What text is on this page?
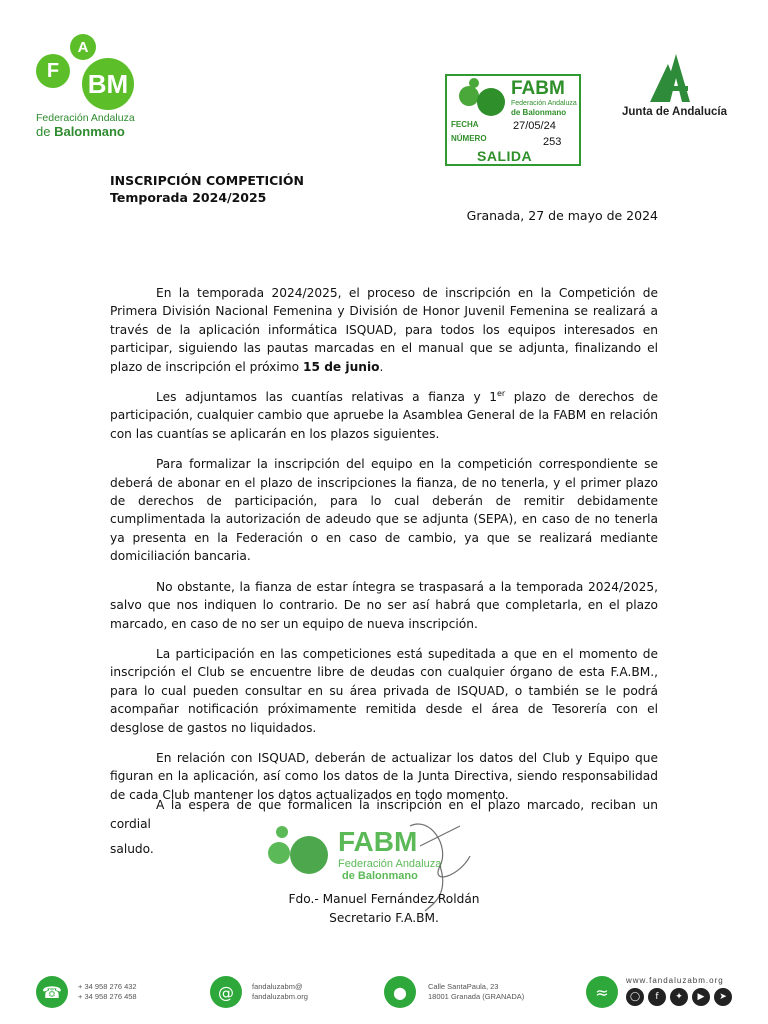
F
A
BM
Federación Andaluza
de Balonmano
FABM
Federación Andaluza
de Balonmano
FECHA
NÚMERO
27/05/24
253
SALIDA
Junta de Andalucía
INSCRIPCIÓN COMPETICIÓN
Temporada 2024/2025
Granada, 27 de mayo de 2024

En la temporada 2024/2025, el proceso de inscripción en la Competición de Primera División Nacional Femenina y División de Honor Juvenil Femenina se realizará a través de la aplicación informática ISQUAD, para todos los equipos interesados en participar, siguiendo las pautas marcadas en el manual que se adjunta, finalizando el plazo de inscripción el próximo 15 de junio.

Les adjuntamos las cuantías relativas a fianza y 1er plazo de derechos de participación, cualquier cambio que apruebe la Asamblea General de la FABM en relación con las cuantías se aplicarán en los plazos siguientes.

Para formalizar la inscripción del equipo en la competición correspondiente se deberá de abonar en el plazo de inscripciones la fianza, de no tenerla, y el primer plazo de derechos de participación, para lo cual deberán de remitir debidamente cumplimentada la autorización de adeudo que se adjunta (SEPA), en caso de no tenerla ya presenta en la Federación o en caso de cambio, ya que se realizará mediante domiciliación bancaria.

No obstante, la fianza de estar íntegra se traspasará a la temporada 2024/2025, salvo que nos indiquen lo contrario. De no ser así habrá que completarla, en el plazo marcado, en caso de no ser un equipo de nueva inscripción.

La participación en las competiciones está supeditada a que en el momento de inscripción el Club se encuentre libre de deudas con cualquier órgano de esta F.A.BM., para lo cual pueden consultar en su área privada de ISQUAD, o también se le podrá acompañar notificación próximamente remitida desde el área de Tesorería con el desglose de gastos no liquidados.

En relación con ISQUAD, deberán de actualizar los datos del Club y Equipo que figuran en la aplicación, así como los datos de la Junta Directiva, siendo responsabilidad de cada Club mantener los datos actualizados en todo momento.

FABM
Federación Andaluza
de Balonmano

A la espera de que formalicen la inscripción en el plazo marcado, reciban un cordial

saludo.
Fdo.- Manuel Fernández Roldán
Secretario F.A.BM.
☎	+ 34 958 276 432
+ 34 958 276 458	@	fandaluzabm@
fandaluzabm.org	●	Calle SantaPaula, 23
18001 Granada (GRANADA)	≈
www.fandaluzabm.org
◯	f	✦	▶	➤
